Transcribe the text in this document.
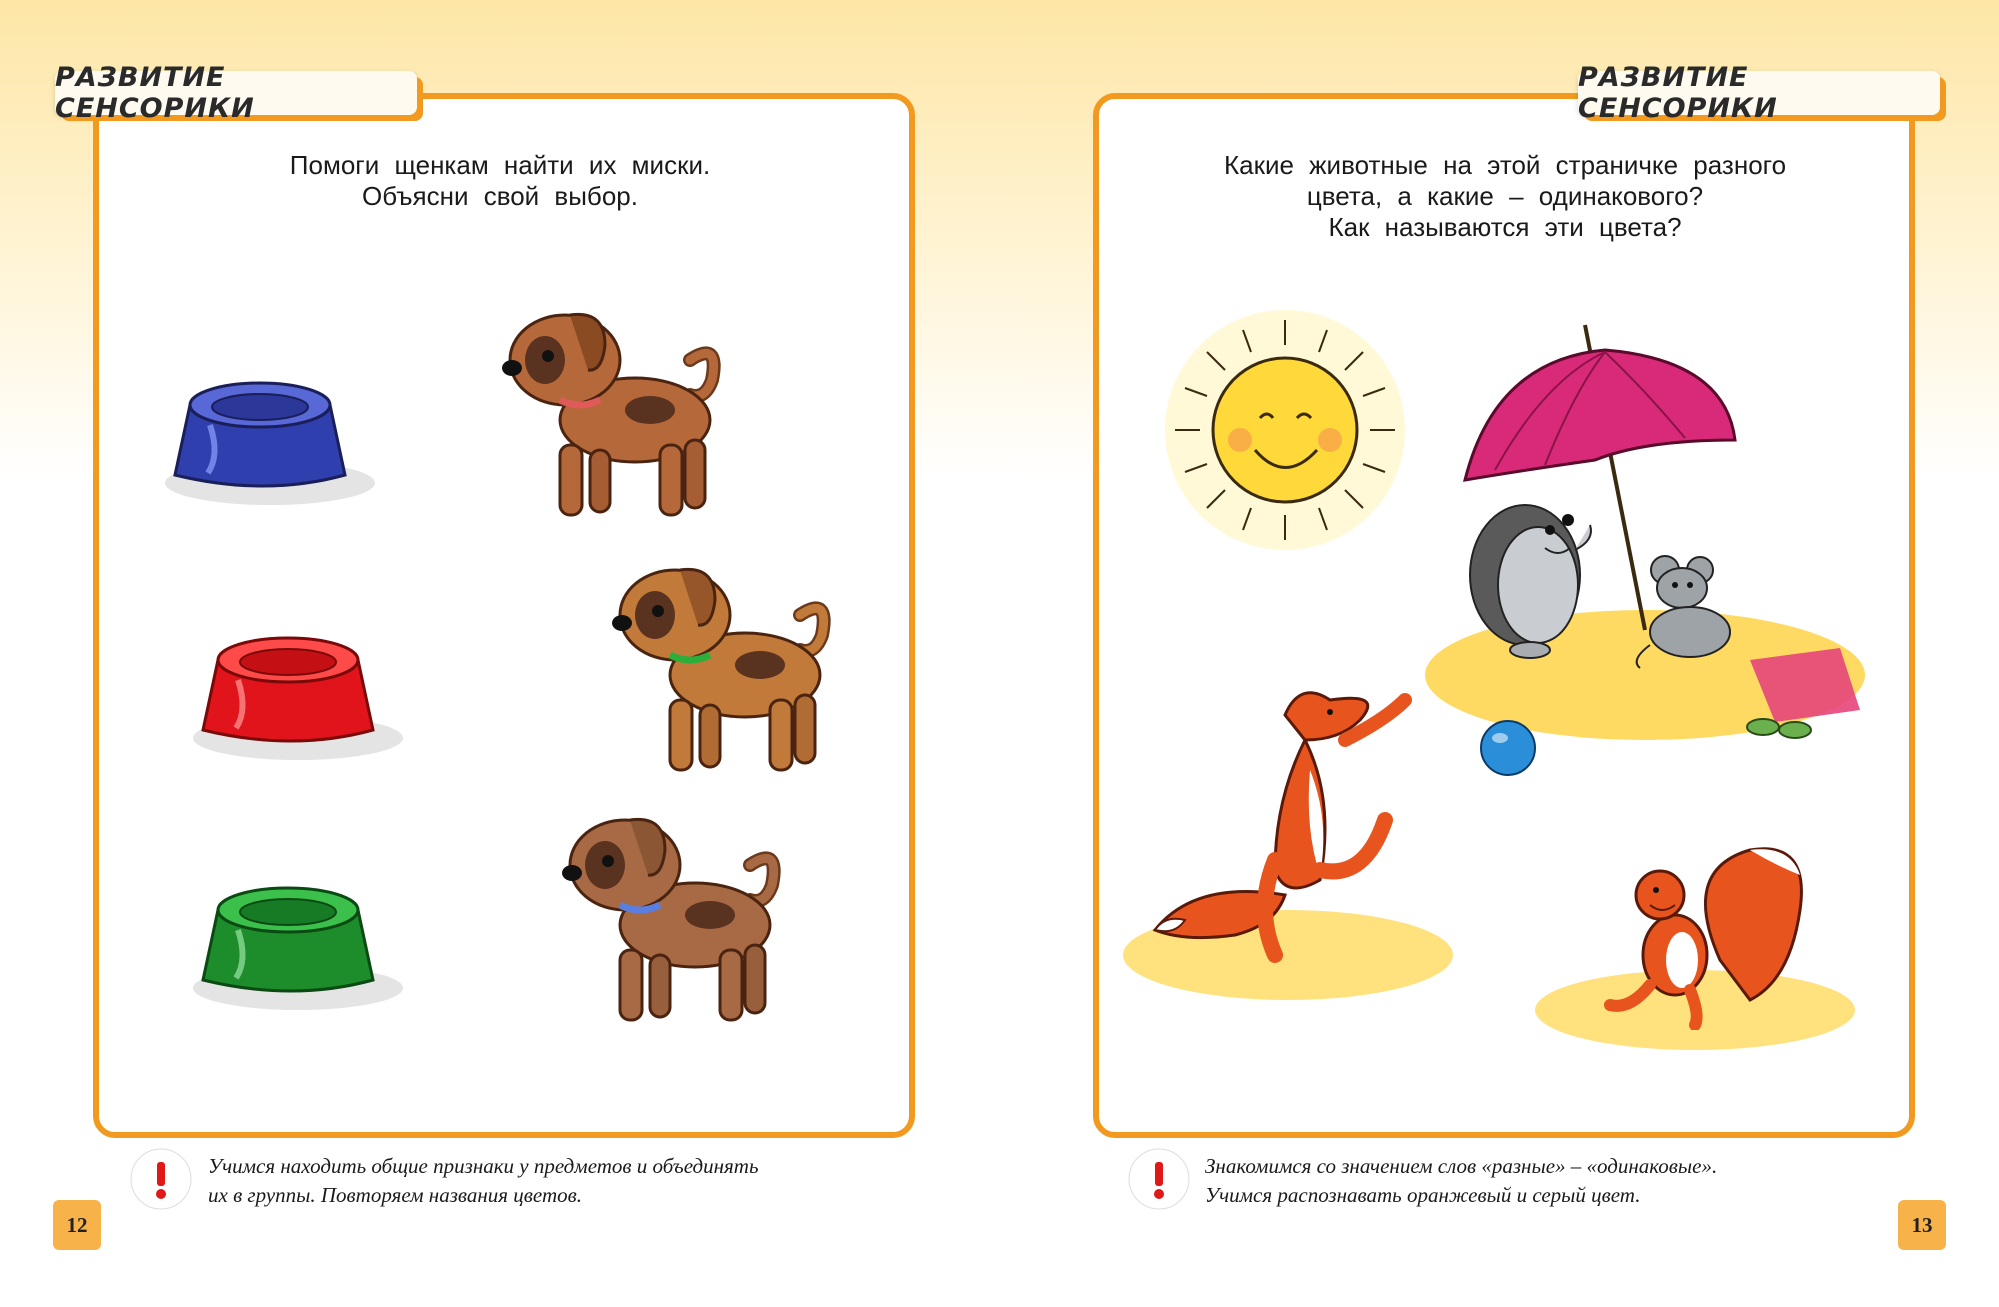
РАЗВИТИЕ СЕНСОРИКИ
Помоги щенкам найти их миски.
Объясни свой выбор.
Учимся находить общие признаки у предметов и объединять
их в группы. Повторяем названия цветов.
12
РАЗВИТИЕ СЕНСОРИКИ
Какие животные на этой страничке разного
цвета, а какие – одинакового?
Как называются эти цвета?
Знакомимся со значением слов «разные» – «одинаковые».
Учимся распознавать оранжевый и серый цвет.
13
